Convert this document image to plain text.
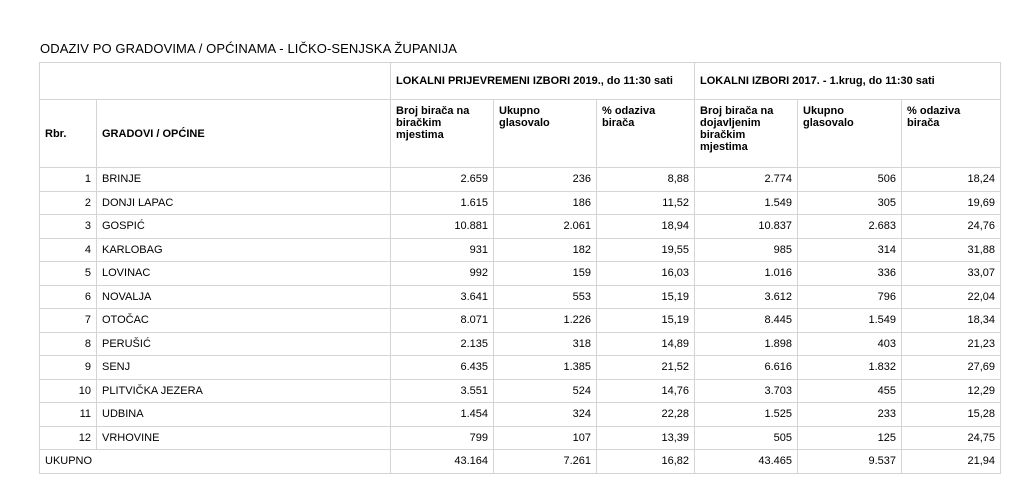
ODAZIV PO GRADOVIMA / OPĆINAMA - LIČKO-SENJSKA ŽUPANIJA
		LOKALNI PRIJEVREMENI IZBORI 2019., do 11:30 sati			LOKALNI IZBORI 2017. - 1.krug, do 11:30 sati		
Rbr.	GRADOVI / OPĆINE	Broj birača na biračkim mjestima	Ukupno glasovalo	% odaziva birača	Broj birača na dojavljenim biračkim mjestima	Ukupno glasovalo	% odaziva birača
1	BRINJE	2.659	236	8,88	2.774	506	18,24
2	DONJI LAPAC	1.615	186	11,52	1.549	305	19,69
3	GOSPIĆ	10.881	2.061	18,94	10.837	2.683	24,76
4	KARLOBAG	931	182	19,55	985	314	31,88
5	LOVINAC	992	159	16,03	1.016	336	33,07
6	NOVALJA	3.641	553	15,19	3.612	796	22,04
7	OTOČAC	8.071	1.226	15,19	8.445	1.549	18,34
8	PERUŠIĆ	2.135	318	14,89	1.898	403	21,23
9	SENJ	6.435	1.385	21,52	6.616	1.832	27,69
10	PLITVIČKA JEZERA	3.551	524	14,76	3.703	455	12,29
11	UDBINA	1.454	324	22,28	1.525	233	15,28
12	VRHOVINE	799	107	13,39	505	125	24,75
UKUPNO		43.164	7.261	16,82	43.465	9.537	21,94
